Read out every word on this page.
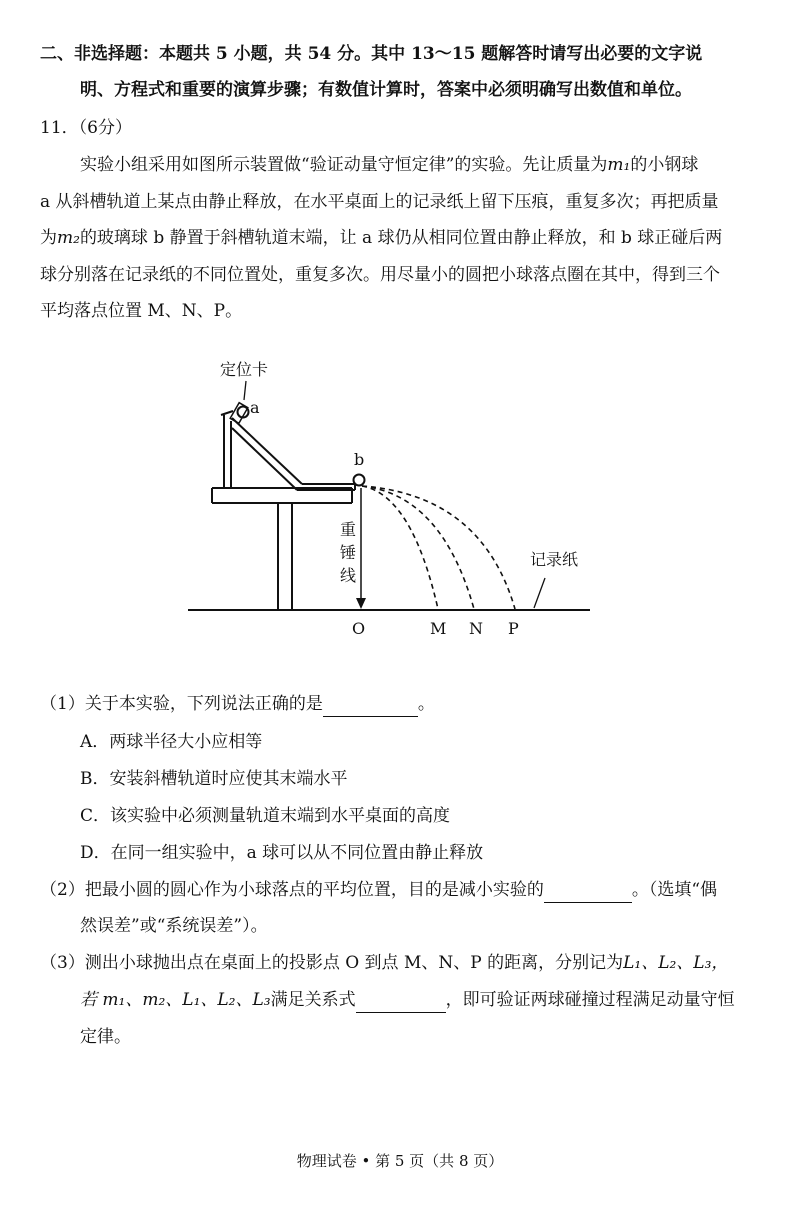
二、非选择题：本题共 5 小题，共 54 分。其中 13～15 题解答时请写出必要的文字说
明、方程式和重要的演算步骤；有数值计算时，答案中必须明确写出数值和单位。
11．（6分）
实验小组采用如图所示装置做“验证动量守恒定律”的实验。先让质量为m₁的小钢球
a 从斜槽轨道上某点由静止释放，在水平桌面上的记录纸上留下压痕，重复多次；再把质量
为m₂的玻璃球 b 静置于斜槽轨道末端，让 a 球仍从相同位置由静止释放，和 b 球正碰后两
球分别落在记录纸的不同位置处，重复多次。用尽量小的圆把小球落点圈在其中，得到三个
平均落点位置 M、N、P。
定位卡
a
b
重
锤
线
记录纸
O	M N P
（1）关于本实验，下列说法正确的是	。
A．两球半径大小应相等
B．安装斜槽轨道时应使其末端水平
C．该实验中必须测量轨道末端到水平桌面的高度
D．在同一组实验中，a 球可以从不同位置由静止释放
（2）把最小圆的圆心作为小球落点的平均位置，目的是减小实验的	。（选填“偶
然误差”或“系统误差”）。
（3）测出小球抛出点在桌面上的投影点 O 到点 M、N、P 的距离，分别记为L₁、L₂、L₃，
若 m₁、m₂、L₁、L₂、L₃满足关系式	，即可验证两球碰撞过程满足动量守恒
定律。
物理试卷 • 第 5 页（共 8 页）
